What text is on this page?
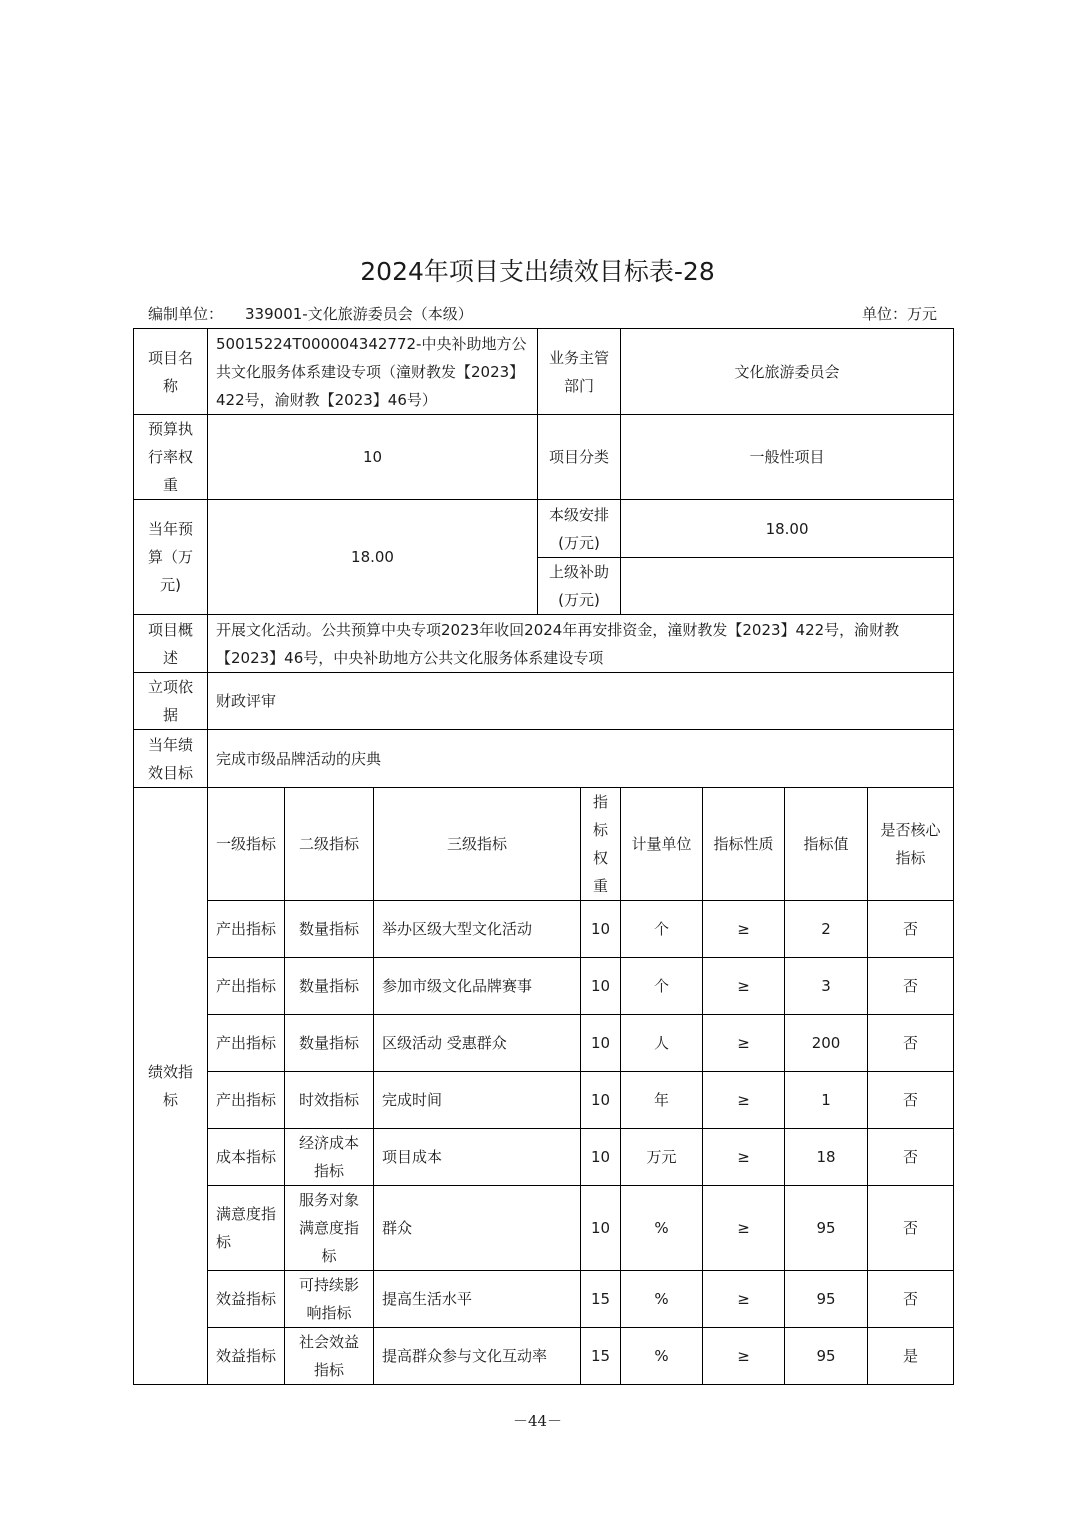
2024年项目支出绩效目标表-28
编制单位： 339001-文化旅游委员会（本级）	单位：万元
项目名称	50015224T000004342772-中央补助地方公共文化服务体系建设专项（潼财教发【2023】422号，渝财教【2023】46号）			业务主管部门		文化旅游委员会			
预算执行率权重	10			项目分类		一般性项目			
当年预算（万元)	18.00			本级安排(万元)		18.00			
				上级补助(万元)					
项目概述	开展文化活动。公共预算中央专项2023年收回2024年再安排资金，潼财教发【2023】422号，渝财教【2023】46号，中央补助地方公共文化服务体系建设专项								
立项依据	财政评审								
当年绩效目标	完成市级品牌活动的庆典								
绩效指标	一级指标	二级指标	三级指标		指标权重	计量单位	指标性质	指标值	是否核心指标
	产出指标	数量指标	举办区级大型文化活动		10	个	≥	2	否
	产出指标	数量指标	参加市级文化品牌赛事		10	个	≥	3	否
	产出指标	数量指标	区级活动 受惠群众		10	人	≥	200	否
	产出指标	时效指标	完成时间		10	年	≥	1	否
	成本指标	经济成本指标	项目成本		10	万元	≥	18	否
	满意度指标	服务对象满意度指标	群众		10	%	≥	95	否
	效益指标	可持续影响指标	提高生活水平		15	%	≥	95	否
	效益指标	社会效益指标	提高群众参与文化互动率		15	%	≥	95	是
－44－
